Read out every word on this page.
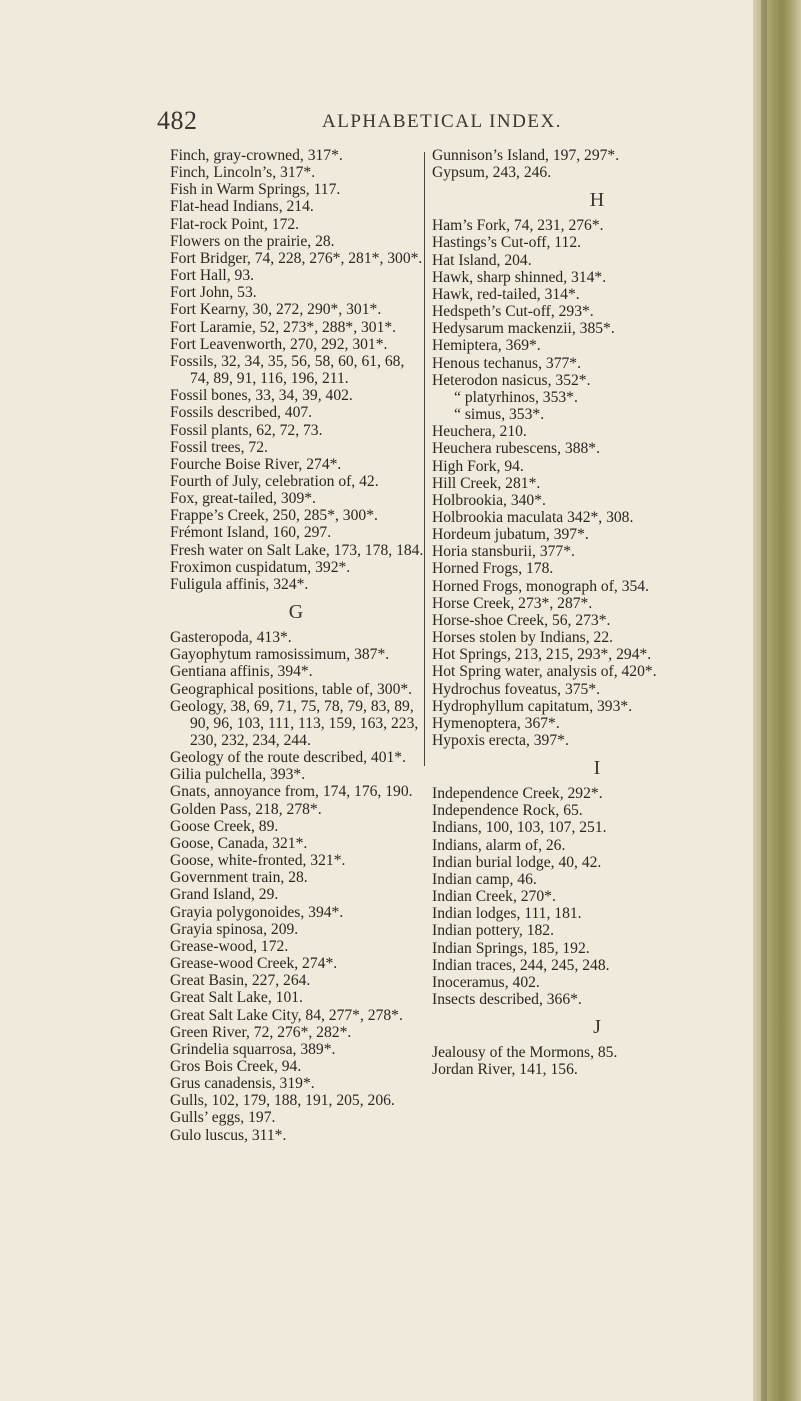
482	ALPHABETICAL INDEX.
Finch, gray-crowned, 317*.
Finch, Lincoln’s, 317*.
Fish in Warm Springs, 117.
Flat-head Indians, 214.
Flat-rock Point, 172.
Flowers on the prairie, 28.
Fort Bridger, 74, 228, 276*, 281*, 300*.
Fort Hall, 93.
Fort John, 53.
Fort Kearny, 30, 272, 290*, 301*.
Fort Laramie, 52, 273*, 288*, 301*.
Fort Leavenworth, 270, 292, 301*.
Fossils, 32, 34, 35, 56, 58, 60, 61, 68,
74, 89, 91, 116, 196, 211.
Fossil bones, 33, 34, 39, 402.
Fossils described, 407.
Fossil plants, 62, 72, 73.
Fossil trees, 72.
Fourche Boise River, 274*.
Fourth of July, celebration of, 42.
Fox, great-tailed, 309*.
Frappe’s Creek, 250, 285*, 300*.
Frémont Island, 160, 297.
Fresh water on Salt Lake, 173, 178, 184.
Froximon cuspidatum, 392*.
Fuligula affinis, 324*.
G
Gasteropoda, 413*.
Gayophytum ramosissimum, 387*.
Gentiana affinis, 394*.
Geographical positions, table of, 300*.
Geology, 38, 69, 71, 75, 78, 79, 83, 89,
90, 96, 103, 111, 113, 159, 163, 223,
230, 232, 234, 244.
Geology of the route described, 401*.
Gilia pulchella, 393*.
Gnats, annoyance from, 174, 176, 190.
Golden Pass, 218, 278*.
Goose Creek, 89.
Goose, Canada, 321*.
Goose, white-fronted, 321*.
Government train, 28.
Grand Island, 29.
Grayia polygonoides, 394*.
Grayia spinosa, 209.
Grease-wood, 172.
Grease-wood Creek, 274*.
Great Basin, 227, 264.
Great Salt Lake, 101.
Great Salt Lake City, 84, 277*, 278*.
Green River, 72, 276*, 282*.
Grindelia squarrosa, 389*.
Gros Bois Creek, 94.
Grus canadensis, 319*.
Gulls, 102, 179, 188, 191, 205, 206.
Gulls’ eggs, 197.
Gulo luscus, 311*.
Gunnison’s Island, 197, 297*.
Gypsum, 243, 246.
H
Ham’s Fork, 74, 231, 276*.
Hastings’s Cut-off, 112.
Hat Island, 204.
Hawk, sharp shinned, 314*.
Hawk, red-tailed, 314*.
Hedspeth’s Cut-off, 293*.
Hedysarum mackenzii, 385*.
Hemiptera, 369*.
Henous techanus, 377*.
Heterodon nasicus, 352*.
“ platyrhinos, 353*.
“ simus, 353*.
Heuchera, 210.
Heuchera rubescens, 388*.
High Fork, 94.
Hill Creek, 281*.
Holbrookia, 340*.
Holbrookia maculata 342*, 308.
Hordeum jubatum, 397*.
Horia stansburii, 377*.
Horned Frogs, 178.
Horned Frogs, monograph of, 354.
Horse Creek, 273*, 287*.
Horse-shoe Creek, 56, 273*.
Horses stolen by Indians, 22.
Hot Springs, 213, 215, 293*, 294*.
Hot Spring water, analysis of, 420*.
Hydrochus foveatus, 375*.
Hydrophyllum capitatum, 393*.
Hymenoptera, 367*.
Hypoxis erecta, 397*.
I
Independence Creek, 292*.
Independence Rock, 65.
Indians, 100, 103, 107, 251.
Indians, alarm of, 26.
Indian burial lodge, 40, 42.
Indian camp, 46.
Indian Creek, 270*.
Indian lodges, 111, 181.
Indian pottery, 182.
Indian Springs, 185, 192.
Indian traces, 244, 245, 248.
Inoceramus, 402.
Insects described, 366*.
J
Jealousy of the Mormons, 85.
Jordan River, 141, 156.
